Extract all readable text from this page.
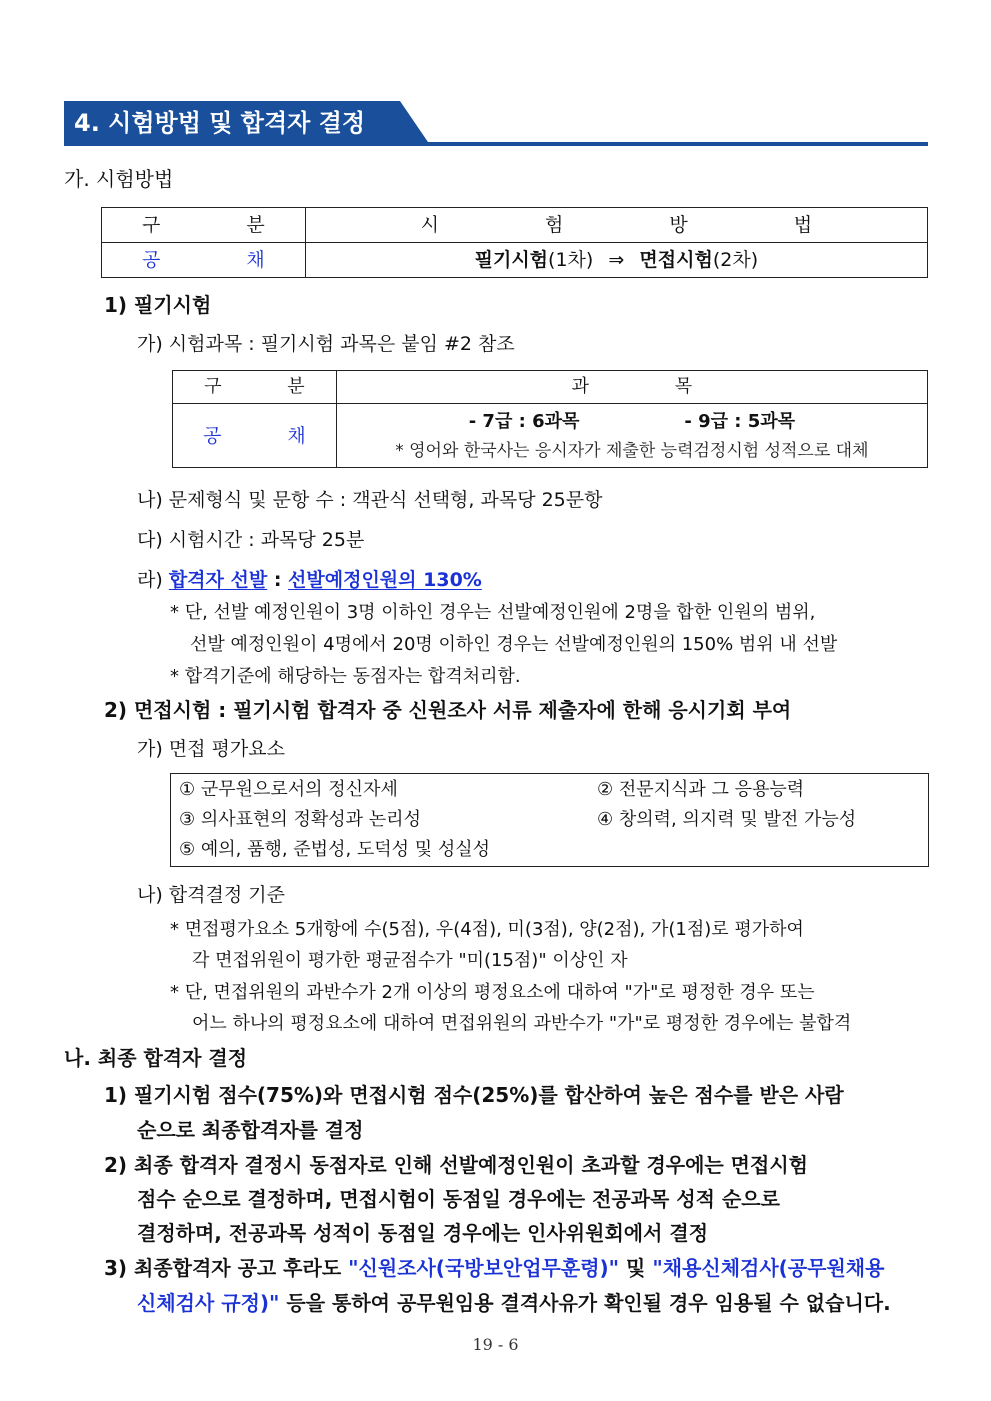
4. 시험방법 및 합격자 결정
가. 시험방법
구 분	시 험 방 법
공 채	필기시험(1차) ⇒ 면접시험(2차)
1) 필기시험
가) 시험과목 : 필기시험 과목은 붙임 #2 참조
구 분	과 목
공 채	- 7급 : 6과목 - 9급 : 5과목
* 영어와 한국사는 응시자가 제출한 능력검정시험 성적으로 대체
나) 문제형식 및 문항 수 : 객관식 선택형, 과목당 25문항
다) 시험시간 : 과목당 25분
라) 합격자 선발 : 선발예정인원의 130%
* 단, 선발 예정인원이 3명 이하인 경우는 선발예정인원에 2명을 합한 인원의 범위,
선발 예정인원이 4명에서 20명 이하인 경우는 선발예정인원의 150% 범위 내 선발
* 합격기준에 해당하는 동점자는 합격처리함.
2) 면접시험 : 필기시험 합격자 중 신원조사 서류 제출자에 한해 응시기회 부여
가) 면접 평가요소
① 군무원으로서의 정신자세	② 전문지식과 그 응용능력
③ 의사표현의 정확성과 논리성	④ 창의력, 의지력 및 발전 가능성
⑤ 예의, 품행, 준법성, 도덕성 및 성실성
나) 합격결정 기준
* 면접평가요소 5개항에 수(5점), 우(4점), 미(3점), 양(2점), 가(1점)로 평가하여
각 면접위원이 평가한 평균점수가 "미(15점)" 이상인 자
* 단, 면접위원의 과반수가 2개 이상의 평정요소에 대하여 "가"로 평정한 경우 또는
어느 하나의 평정요소에 대하여 면접위원의 과반수가 "가"로 평정한 경우에는 불합격
나. 최종 합격자 결정
1) 필기시험 점수(75%)와 면접시험 점수(25%)를 합산하여 높은 점수를 받은 사람
순으로 최종합격자를 결정
2) 최종 합격자 결정시 동점자로 인해 선발예정인원이 초과할 경우에는 면접시험
점수 순으로 결정하며, 면접시험이 동점일 경우에는 전공과목 성적 순으로
결정하며, 전공과목 성적이 동점일 경우에는 인사위원회에서 결정
3) 최종합격자 공고 후라도 "신원조사(국방보안업무훈령)" 및 "채용신체검사(공무원채용
신체검사 규정)" 등을 통하여 공무원임용 결격사유가 확인될 경우 임용될 수 없습니다.
19 - 6
